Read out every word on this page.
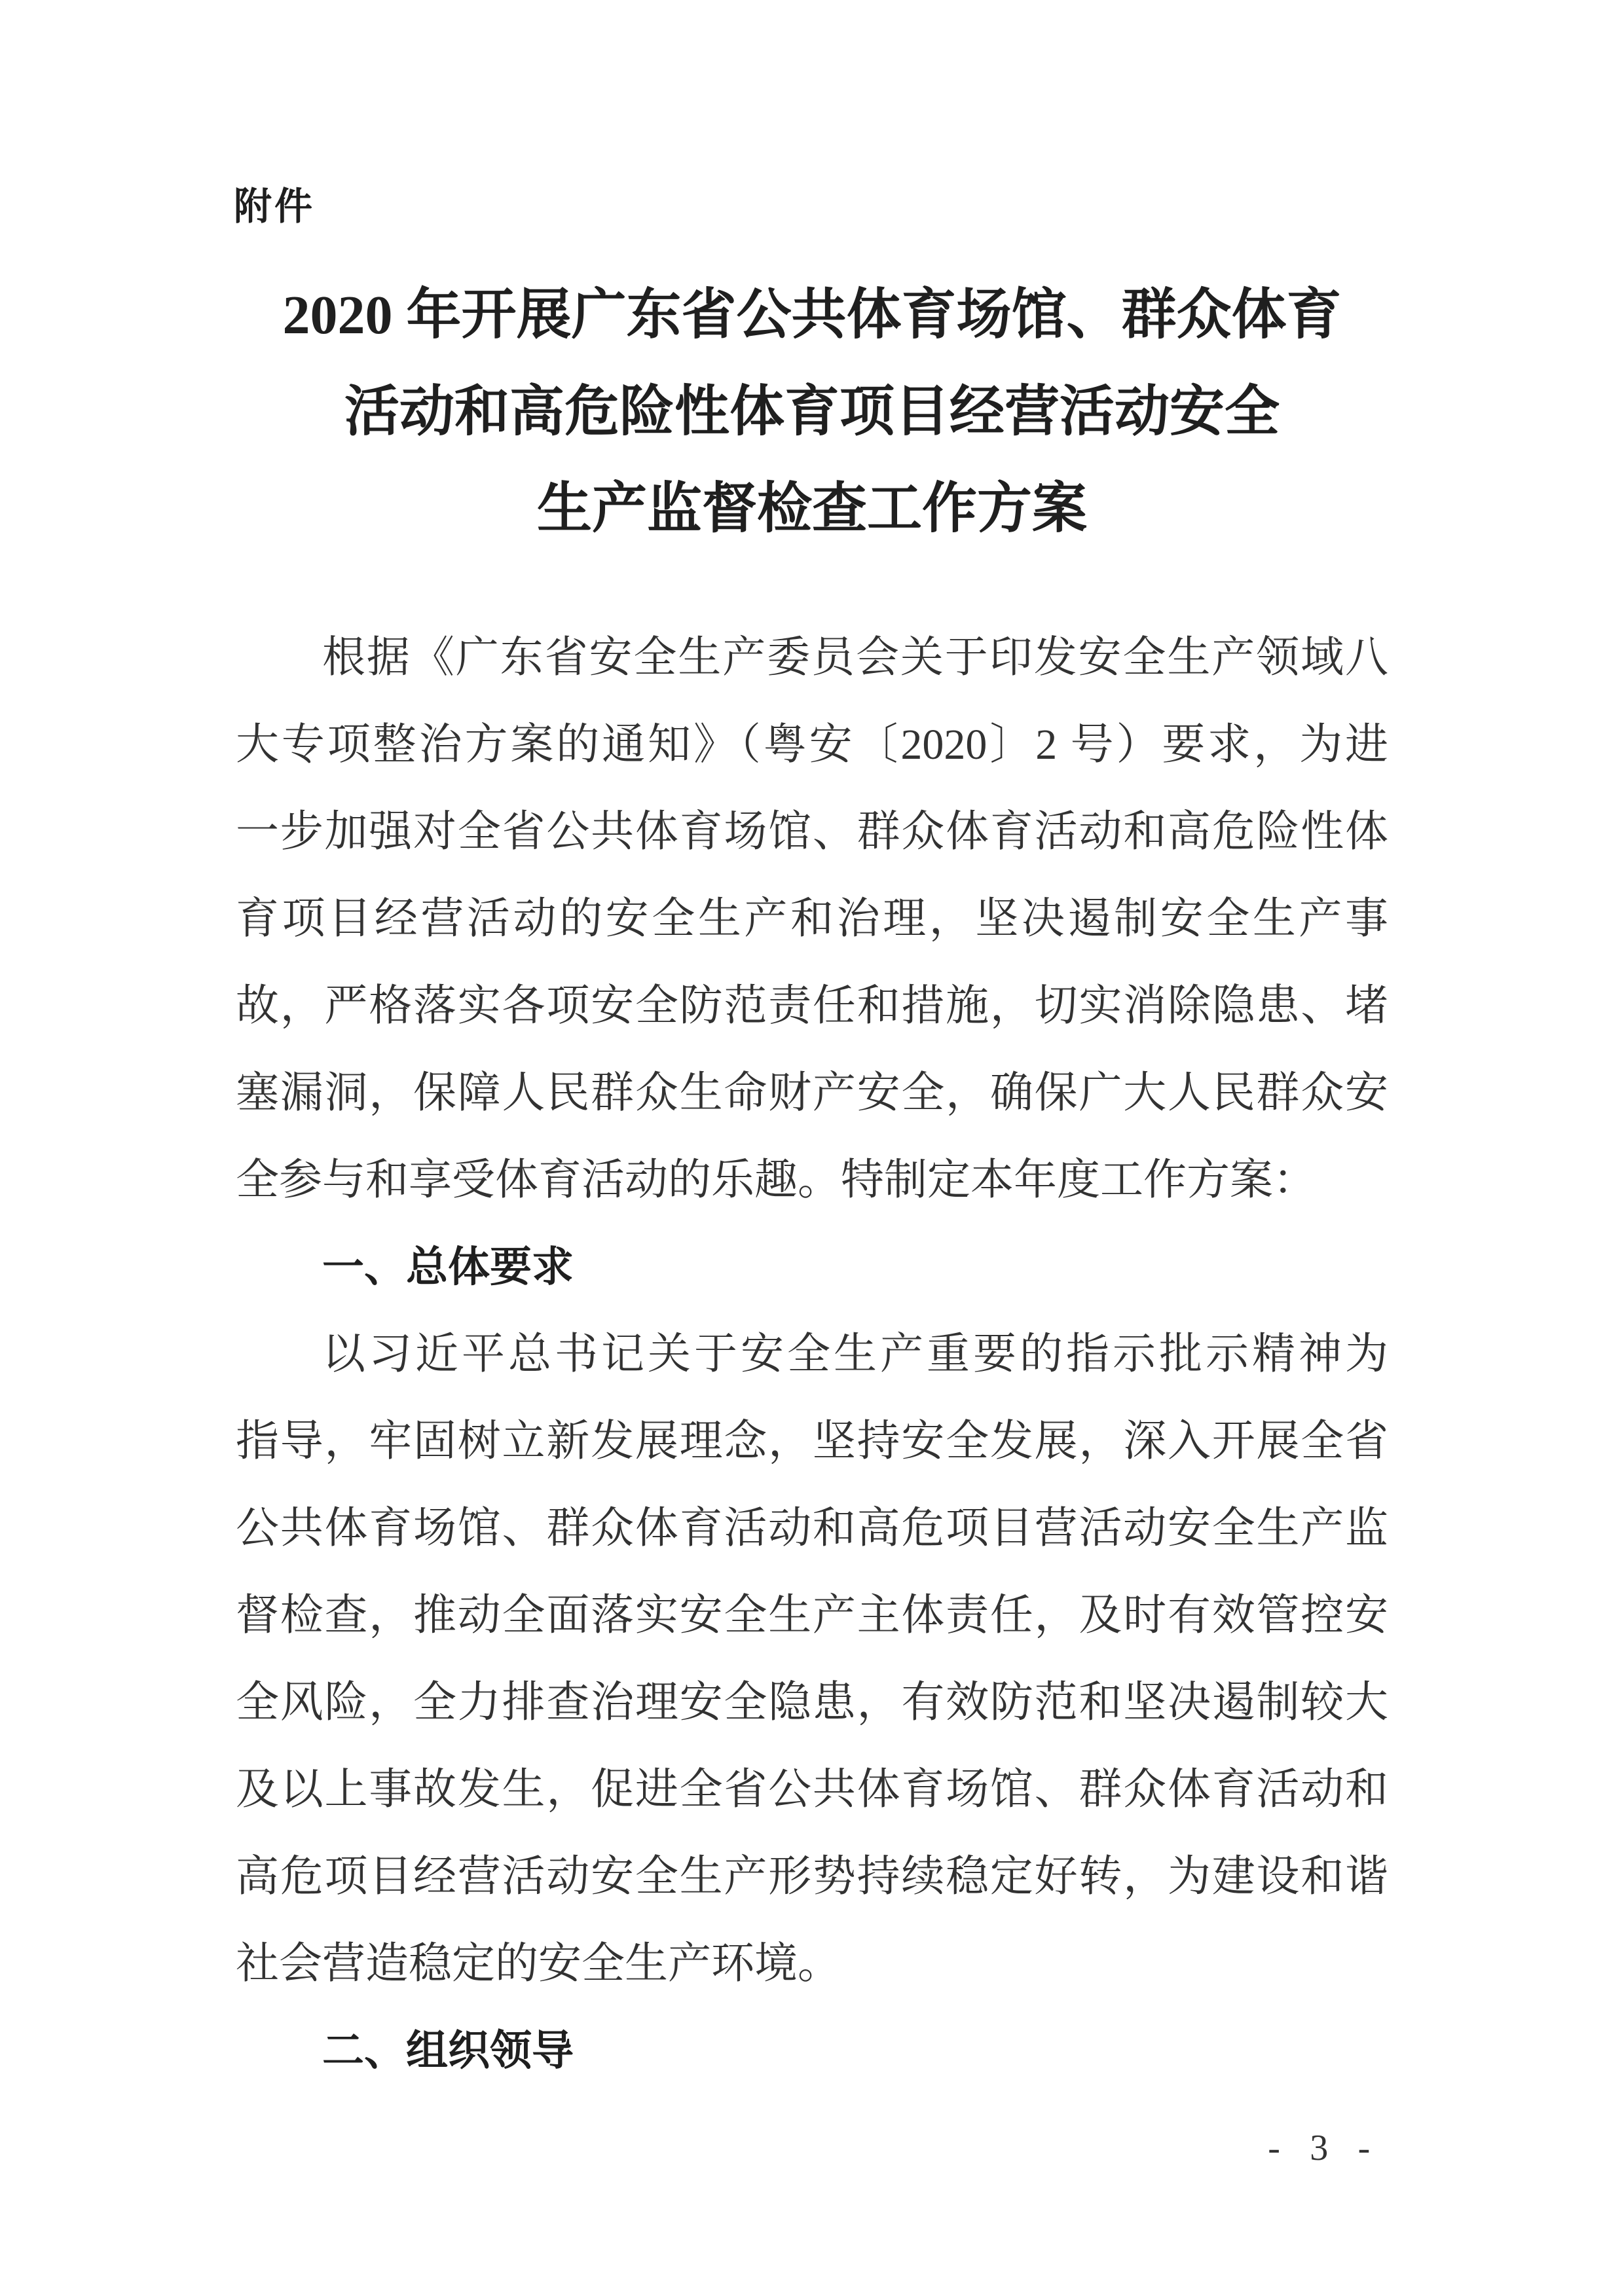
附件
2020 年开展广东省公共体育场馆、群众体育
活动和高危险性体育项目经营活动安全
生产监督检查工作方案
根据《广东省安全生产委员会关于印发安全生产领域八
大专项整治方案的通知》（粤安〔2020〕2 号）要求，为进
一步加强对全省公共体育场馆、群众体育活动和高危险性体
育项目经营活动的安全生产和治理，坚决遏制安全生产事
故，严格落实各项安全防范责任和措施，切实消除隐患、堵
塞漏洞，保障人民群众生命财产安全，确保广大人民群众安
全参与和享受体育活动的乐趣。特制定本年度工作方案：
一、总体要求
以习近平总书记关于安全生产重要的指示批示精神为
指导，牢固树立新发展理念，坚持安全发展，深入开展全省
公共体育场馆、群众体育活动和高危项目营活动安全生产监
督检查，推动全面落实安全生产主体责任，及时有效管控安
全风险，全力排查治理安全隐患，有效防范和坚决遏制较大
及以上事故发生，促进全省公共体育场馆、群众体育活动和
高危项目经营活动安全生产形势持续稳定好转，为建设和谐
社会营造稳定的安全生产环境。
二、组织领导
- 3 -
